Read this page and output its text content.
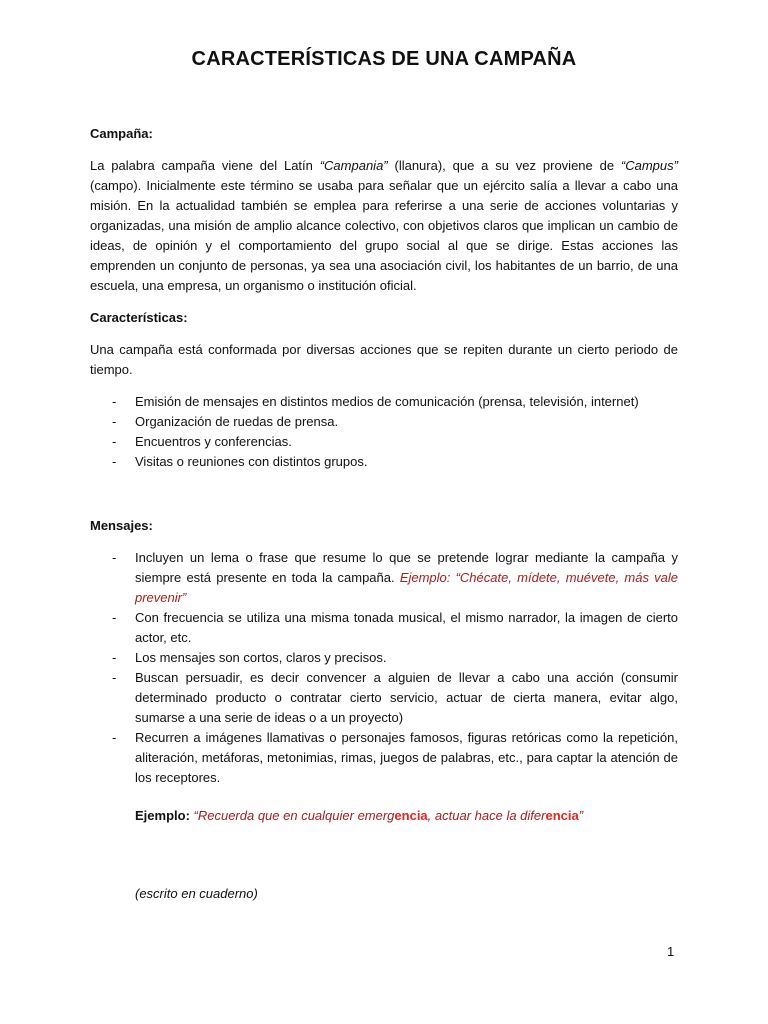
CARACTERÍSTICAS DE UNA CAMPAÑA
Campaña:

La palabra campaña viene del Latín “Campania” (llanura), que a su vez proviene de “Campus” (campo). Inicialmente este término se usaba para señalar que un ejército salía a llevar a cabo una misión. En la actualidad también se emplea para referirse a una serie de acciones voluntarias y organizadas, una misión de amplio alcance colectivo, con objetivos claros que implican un cambio de ideas, de opinión y el comportamiento del grupo social al que se dirige. Estas acciones las emprenden un conjunto de personas, ya sea una asociación civil, los habitantes de un barrio, de una escuela, una empresa, un organismo o institución oficial.

Características:

Una campaña está conformada por diversas acciones que se repiten durante un cierto periodo de tiempo.

- Emisión de mensajes en distintos medios de comunicación (prensa, televisión, internet)
- Organización de ruedas de prensa.
- Encuentros y conferencias.
- Visitas o reuniones con distintos grupos.
Mensajes:
- Incluyen un lema o frase que resume lo que se pretende lograr mediante la campaña y siempre está presente en toda la campaña. Ejemplo: “Chécate, mídete, muévete, más vale prevenir”
- Con frecuencia se utiliza una misma tonada musical, el mismo narrador, la imagen de cierto actor, etc.
- Los mensajes son cortos, claros y precisos.
- Buscan persuadir, es decir convencer a alguien de llevar a cabo una acción (consumir determinado producto o contratar cierto servicio, actuar de cierta manera, evitar algo, sumarse a una serie de ideas o a un proyecto)
- Recurren a imágenes llamativas o personajes famosos, figuras retóricas como la repetición, aliteración, metáforas, metonimias, rimas, juegos de palabras, etc., para captar la atención de los receptores.
Ejemplo: “Recuerda que en cualquier emergencia, actuar hace la diferencia”
(escrito en cuaderno)
1
